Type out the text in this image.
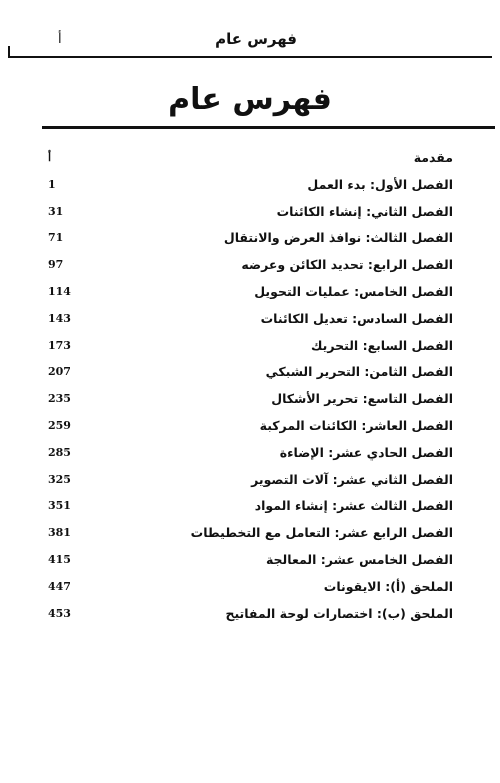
فهرس عام
أ
فهرس عام
مقدمة
أ
الفصل الأول: بدء العمل
1
الفصل الثاني: إنشاء الكائنات
31
الفصل الثالث: نوافذ العرض والانتقال
71
الفصل الرابع: تحديد الكائن وعرضه
97
الفصل الخامس: عمليات التحويل
114
الفصل السادس: تعديل الكائنات
143
الفصل السابع: التحريك
173
الفصل الثامن: التحرير الشبكي
207
الفصل التاسع: تحرير الأشكال
235
الفصل العاشر: الكائنات المركبة
259
الفصل الحادي عشر: الإضاءة
285
الفصل الثاني عشر: آلات التصوير
325
الفصل الثالث عشر: إنشاء المواد
351
الفصل الرابع عشر: التعامل مع التخطيطات
381
الفصل الخامس عشر: المعالجة
415
الملحق (أ): الايقونات
447
الملحق (ب): اختصارات لوحة المفاتيح
453
